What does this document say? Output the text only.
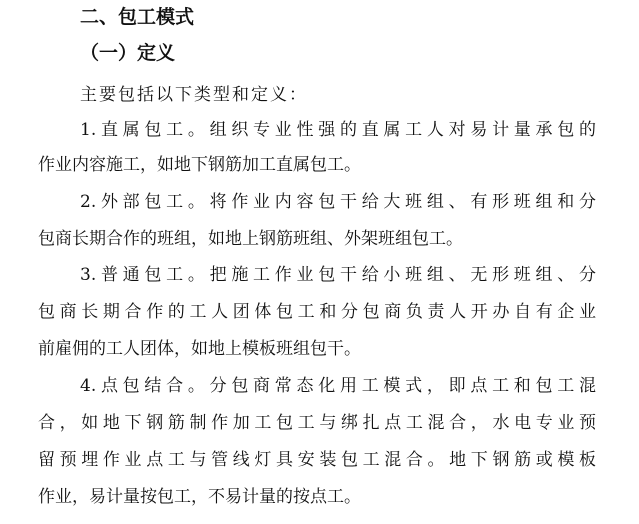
二、包工模式
（一）定义

主要包括以下类型和定义：

1.直属包工。组织专业性强的直属工人对易计量承包的

作业内容施工，如地下钢筋加工直属包工。

2.外部包工。将作业内容包干给大班组、有形班组和分

包商长期合作的班组，如地上钢筋班组、外架班组包工。

3.普通包工。把施工作业包干给小班组、无形班组、分

包商长期合作的工人团体包工和分包商负责人开办自有企业

前雇佣的工人团体，如地上模板班组包干。

4.点包结合。分包商常态化用工模式，即点工和包工混

合，如地下钢筋制作加工包工与绑扎点工混合，水电专业预

留预埋作业点工与管线灯具安装包工混合。地下钢筋或模板

作业，易计量按包工，不易计量的按点工。
